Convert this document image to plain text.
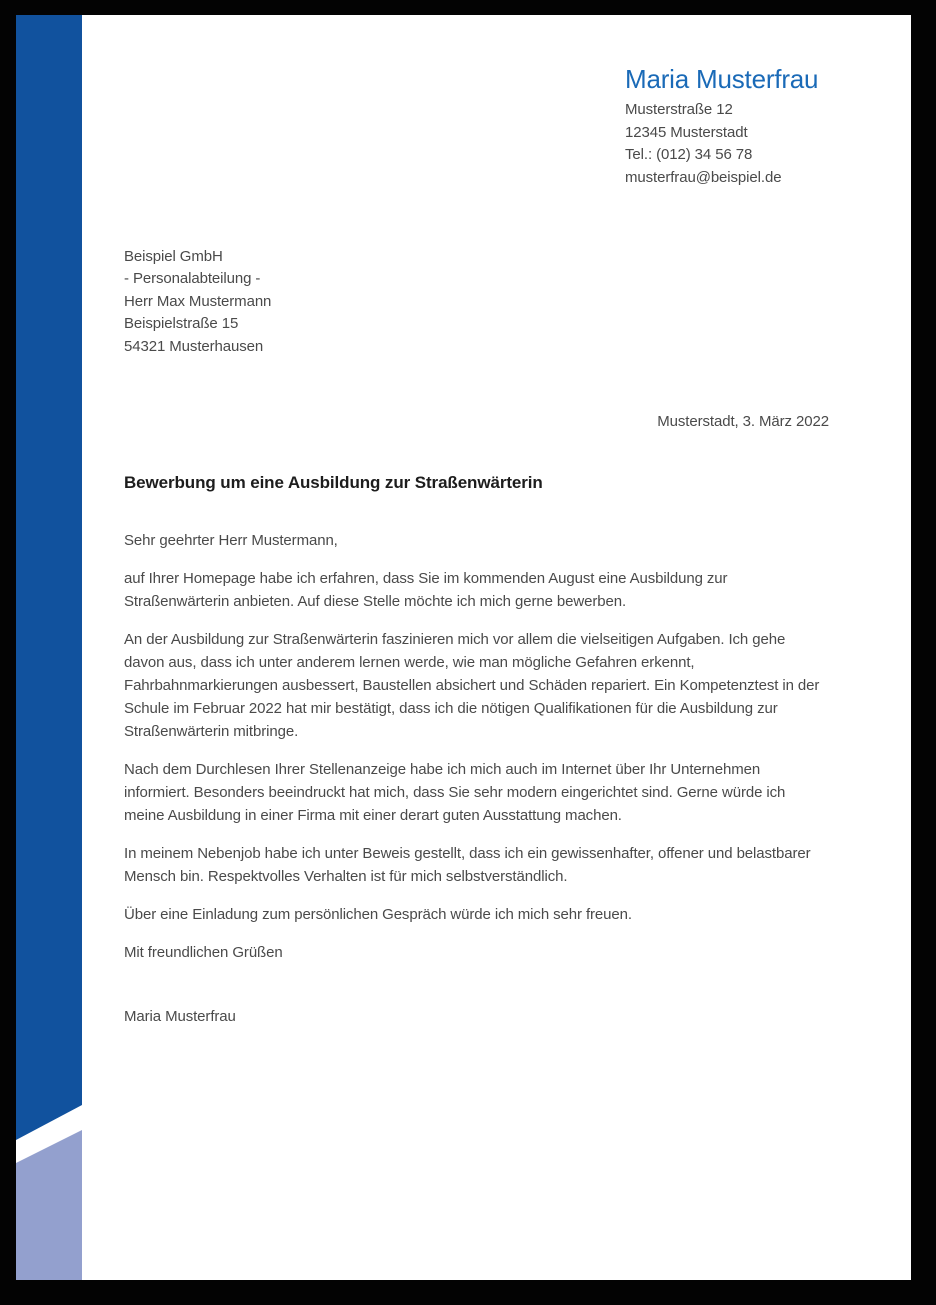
Maria Musterfrau
Musterstraße 12
12345 Musterstadt
Tel.: (012) 34 56 78
musterfrau@beispiel.de
Beispiel GmbH
- Personalabteilung -
Herr Max Mustermann
Beispielstraße 15
54321 Musterhausen
Musterstadt, 3. März 2022
Bewerbung um eine Ausbildung zur Straßenwärterin

Sehr geehrter Herr Mustermann,

auf Ihrer Homepage habe ich erfahren, dass Sie im kommenden August eine Ausbildung zur Straßenwärterin anbieten. Auf diese Stelle möchte ich mich gerne bewerben.

An der Ausbildung zur Straßenwärterin faszinieren mich vor allem die vielseitigen Aufgaben. Ich gehe davon aus, dass ich unter anderem lernen werde, wie man mögliche Gefahren erkennt, Fahrbahnmarkierungen ausbessert, Baustellen absichert und Schäden repariert. Ein Kompetenztest in der Schule im Februar 2022 hat mir bestätigt, dass ich die nötigen Qualifikationen für die Ausbildung zur Straßenwärterin mitbringe.

Nach dem Durchlesen Ihrer Stellenanzeige habe ich mich auch im Internet über Ihr Unternehmen informiert. Besonders beeindruckt hat mich, dass Sie sehr modern eingerichtet sind. Gerne würde ich meine Ausbildung in einer Firma mit einer derart guten Ausstattung machen.

In meinem Nebenjob habe ich unter Beweis gestellt, dass ich ein gewissenhafter, offener und belastbarer Mensch bin. Respektvolles Verhalten ist für mich selbstverständlich.

Über eine Einladung zum persönlichen Gespräch würde ich mich sehr freuen.

Mit freundlichen Grüßen

Maria Musterfrau
